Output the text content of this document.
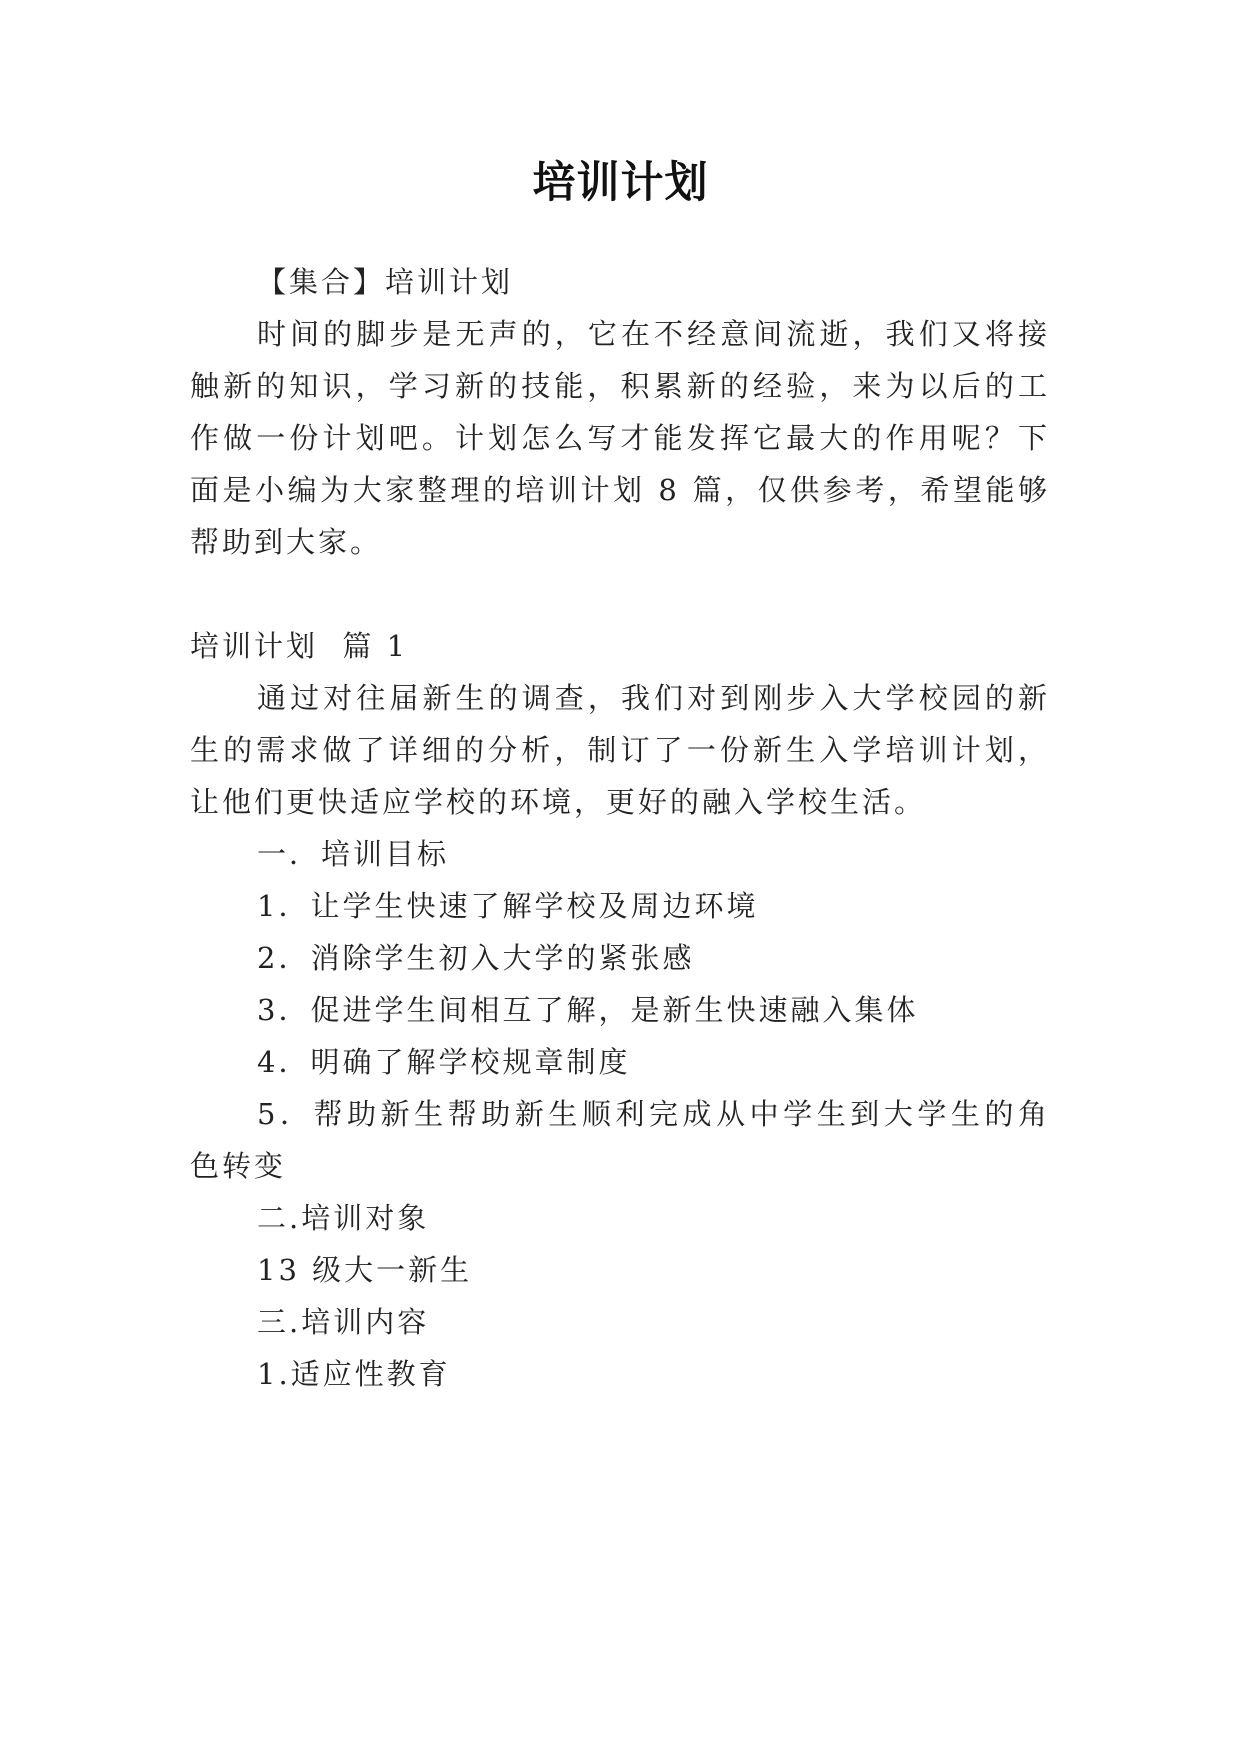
培训计划

【集合】培训计划

时间的脚步是无声的，它在不经意间流逝，我们又将接

触新的知识，学习新的技能，积累新的经验，来为以后的工

作做一份计划吧。计划怎么写才能发挥它最大的作用呢？下

面是小编为大家整理的培训计划 8 篇，仅供参考，希望能够

帮助到大家。

培训计划  篇 1

通过对往届新生的调查，我们对到刚步入大学校园的新

生的需求做了详细的分析，制订了一份新生入学培训计划，

让他们更快适应学校的环境，更好的融入学校生活。

一．培训目标

1．让学生快速了解学校及周边环境

2．消除学生初入大学的紧张感

3．促进学生间相互了解，是新生快速融入集体

4．明确了解学校规章制度

5．帮助新生帮助新生顺利完成从中学生到大学生的角

色转变

二.培训对象

13 级大一新生

三.培训内容

1.适应性教育
